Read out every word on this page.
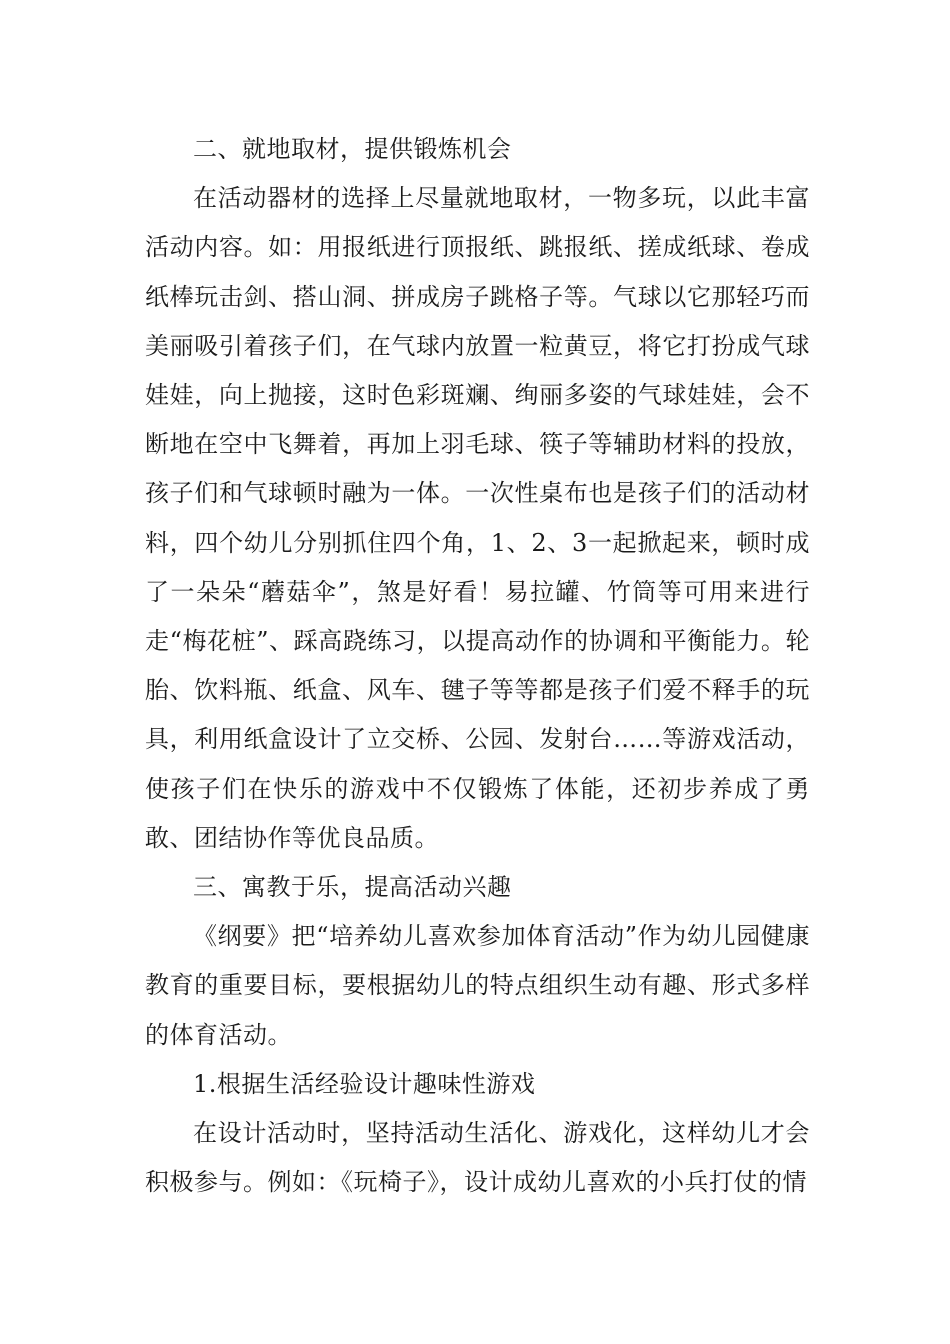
二、就地取材，提供锻炼机会

在活动器材的选择上尽量就地取材，一物多玩，以此丰富活动内容。如：用报纸进行顶报纸、跳报纸、搓成纸球、卷成纸棒玩击剑、搭山洞、拼成房子跳格子等。气球以它那轻巧而美丽吸引着孩子们，在气球内放置一粒黄豆，将它打扮成气球娃娃，向上抛接，这时色彩斑斓、绚丽多姿的气球娃娃，会不断地在空中飞舞着，再加上羽毛球、筷子等辅助材料的投放，孩子们和气球顿时融为一体。一次性桌布也是孩子们的活动材料，四个幼儿分别抓住四个角，1、2、3一起掀起来，顿时成了一朵朵“蘑菇伞”，煞是好看！易拉罐、竹筒等可用来进行走“梅花桩”、踩高跷练习，以提高动作的协调和平衡能力。轮胎、饮料瓶、纸盒、风车、毽子等等都是孩子们爱不释手的玩具，利用纸盒设计了立交桥、公园、发射台……等游戏活动，使孩子们在快乐的游戏中不仅锻炼了体能，还初步养成了勇敢、团结协作等优良品质。

三、寓教于乐，提高活动兴趣

《纲要》把“培养幼儿喜欢参加体育活动”作为幼儿园健康教育的重要目标，要根据幼儿的特点组织生动有趣、形式多样的体育活动。

1.根据生活经验设计趣味性游戏

在设计活动时，坚持活动生活化、游戏化，这样幼儿才会积极参与。例如：《玩椅子》，设计成幼儿喜欢的小兵打仗的情
